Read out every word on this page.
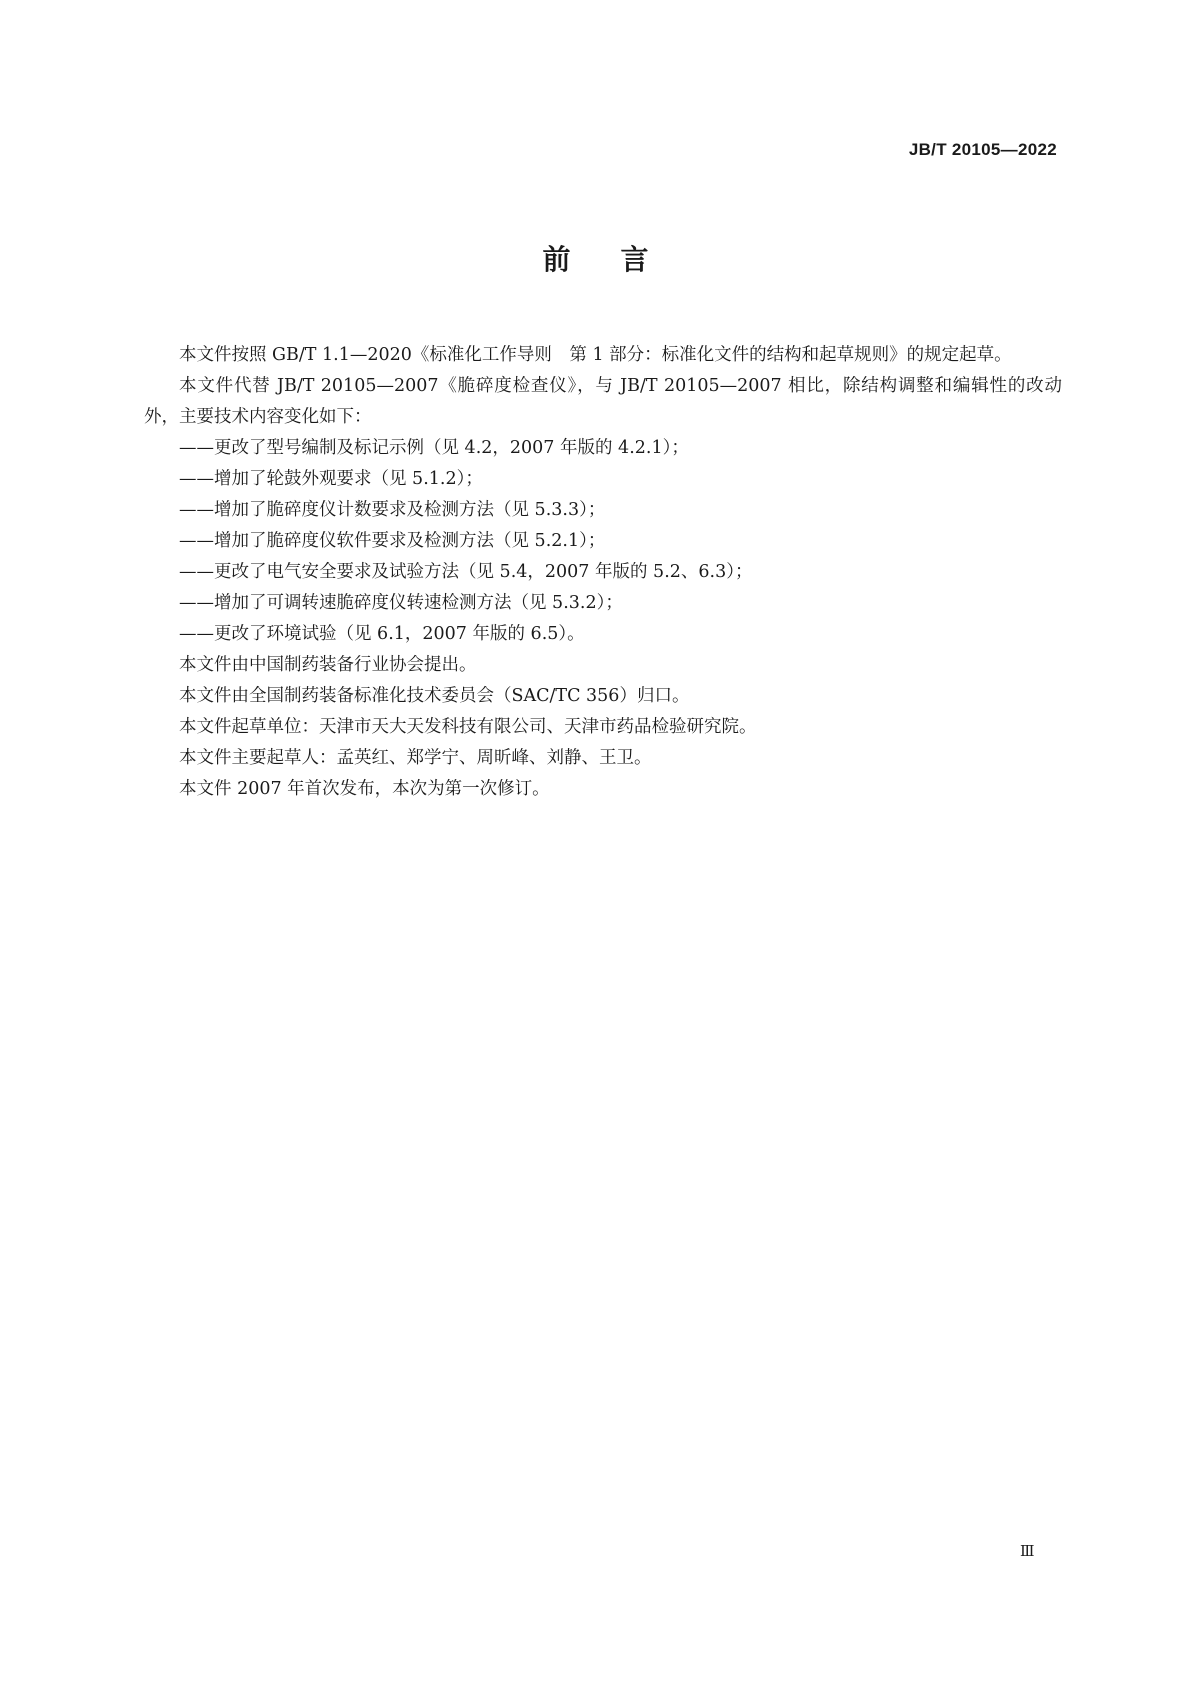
JB/T 20105—2022
前言

本文件按照 GB/T 1.1—2020《标准化工作导则　第 1 部分：标准化文件的结构和起草规则》的规定起草。

本文件代替 JB/T 20105—2007《脆碎度检查仪》，与 JB/T 20105—2007 相比，除结构调整和编辑性的改动外，主要技术内容变化如下：

——更改了型号编制及标记示例（见 4.2，2007 年版的 4.2.1）；

——增加了轮鼓外观要求（见 5.1.2）；

——增加了脆碎度仪计数要求及检测方法（见 5.3.3）；

——增加了脆碎度仪软件要求及检测方法（见 5.2.1）；

——更改了电气安全要求及试验方法（见 5.4，2007 年版的 5.2、6.3）；

——增加了可调转速脆碎度仪转速检测方法（见 5.3.2）；

——更改了环境试验（见 6.1，2007 年版的 6.5）。

本文件由中国制药装备行业协会提出。

本文件由全国制药装备标准化技术委员会（SAC/TC 356）归口。

本文件起草单位：天津市天大天发科技有限公司、天津市药品检验研究院。

本文件主要起草人：孟英红、郑学宁、周昕峰、刘静、王卫。

本文件 2007 年首次发布，本次为第一次修订。

Ⅲ
